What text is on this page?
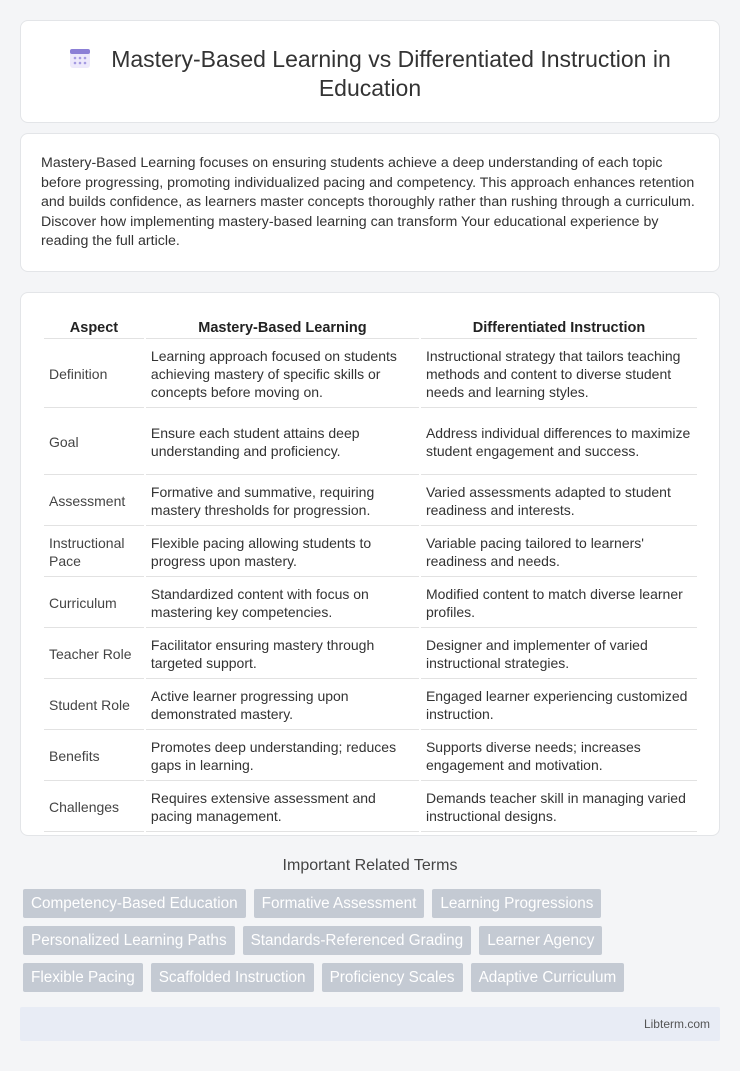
Mastery-Based Learning vs Differentiated Instruction in Education

Mastery-Based Learning focuses on ensuring students achieve a deep understanding of each topic before progressing, promoting individualized pacing and competency. This approach enhances retention and builds confidence, as learners master concepts thoroughly rather than rushing through a curriculum. Discover how implementing mastery-based learning can transform Your educational experience by reading the full article.

Aspect	Mastery-Based Learning	Differentiated Instruction
Definition	Learning approach focused on students achieving mastery of specific skills or concepts before moving on.	Instructional strategy that tailors teaching methods and content to diverse student needs and learning styles.
Goal	Ensure each student attains deep understanding and proficiency.	Address individual differences to maximize student engagement and success.
Assessment	Formative and summative, requiring mastery thresholds for progression.	Varied assessments adapted to student readiness and interests.
Instructional Pace	Flexible pacing allowing students to progress upon mastery.	Variable pacing tailored to learners' readiness and needs.
Curriculum	Standardized content with focus on mastering key competencies.	Modified content to match diverse learner profiles.
Teacher Role	Facilitator ensuring mastery through targeted support.	Designer and implementer of varied instructional strategies.
Student Role	Active learner progressing upon demonstrated mastery.	Engaged learner experiencing customized instruction.
Benefits	Promotes deep understanding; reduces gaps in learning.	Supports diverse needs; increases engagement and motivation.
Challenges	Requires extensive assessment and pacing management.	Demands teacher skill in managing varied instructional designs.
Important Related Terms
Competency-Based Education	Formative Assessment	Learning Progressions
Personalized Learning Paths	Standards-Referenced Grading	Learner Agency
Flexible Pacing	Scaffolded Instruction	Proficiency Scales	Adaptive Curriculum
Libterm.com
